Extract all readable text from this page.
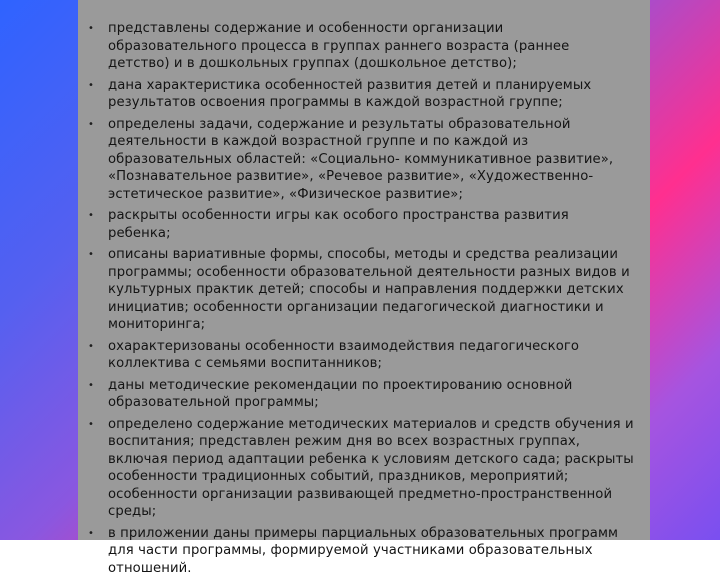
• представлены содержание и особенности организации образовательного процесса в группах раннего возраста (раннее детство) и в дошкольных группах (дошкольное детство);
• дана характеристика особенностей развития детей и планируемых результатов освоения программы в каждой возрастной группе;
• определены задачи, содержание и результаты образовательной деятельности в каждой возрастной группе и по каждой из образовательных областей: «Социально- коммуникативное развитие», «Познавательное развитие», «Речевое развитие», «Художественно-эстетическое развитие», «Физическое развитие»;
• раскрыты особенности игры как особого пространства развития ребенка;
• описаны вариативные формы, способы, методы и средства реализации программы; особенности образовательной деятельности разных видов и культурных практик детей; способы и направления поддержки детских инициатив; особенности организации педагогической диагностики и мониторинга;
• охарактеризованы особенности взаимодействия педагогического коллектива с семьями воспитанников;
• даны методические рекомендации по проектированию основной образовательной программы;
• определено содержание методических материалов и средств обучения и воспитания; представлен режим дня во всех возрастных группах, включая период адаптации ребенка к условиям детского сада; раскрыты особенности традиционных событий, праздников, мероприятий; особенности организации развивающей предметно-пространственной среды;
• в приложении даны примеры парциальных образовательных программ для части программы, формируемой участниками образовательных отношений.
